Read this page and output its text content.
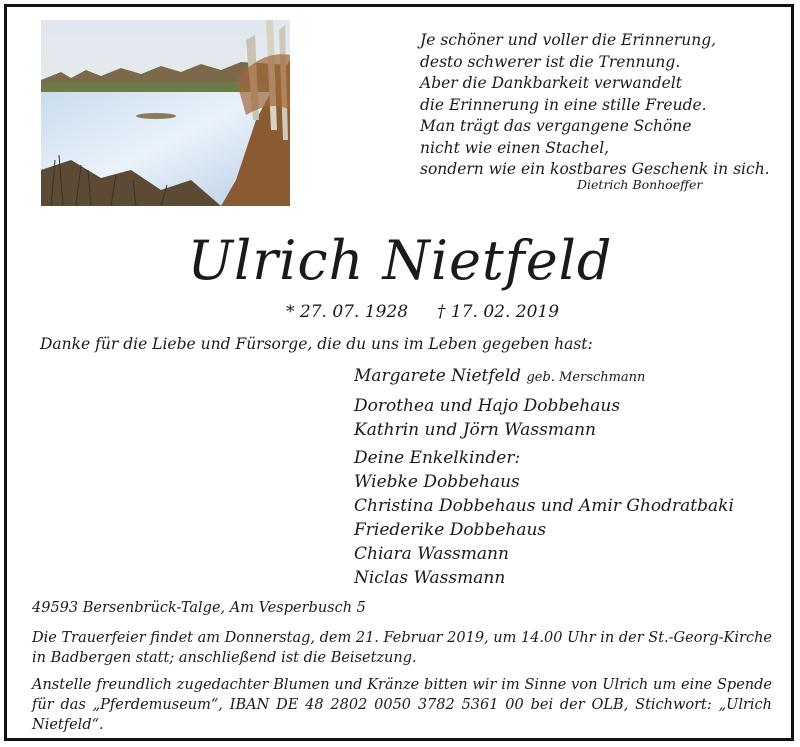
Je schöner und voller die Erinnerung,
desto schwerer ist die Trennung.
Aber die Dankbarkeit verwandelt
die Erinnerung in eine stille Freude.
Man trägt das vergangene Schöne
nicht wie einen Stachel,
sondern wie ein kostbares Geschenk in sich.
Dietrich Bonhoeffer
Ulrich Nietfeld
* 27. 07. 1928 † 17. 02. 2019
Danke für die Liebe und Fürsorge, die du uns im Leben gegeben hast:
Margarete Nietfeld geb. Merschmann
Dorothea und Hajo Dobbehaus
Kathrin und Jörn Wassmann
Deine Enkelkinder:
Wiebke Dobbehaus
Christina Dobbehaus und Amir Ghodratbaki
Friederike Dobbehaus
Chiara Wassmann
Niclas Wassmann
49593 Bersenbrück-Talge, Am Vesperbusch 5
Die Trauerfeier findet am Donnerstag, dem 21. Februar 2019, um 14.00 Uhr in der St.-Georg-Kirche in Badbergen statt; anschließend ist die Beisetzung.
Anstelle freundlich zugedachter Blumen und Kränze bitten wir im Sinne von Ulrich um eine Spende für das „Pferdemuseum“, IBAN DE 48 2802 0050 3782 5361 00 bei der OLB, Stichwort: „Ulrich Nietfeld“.
